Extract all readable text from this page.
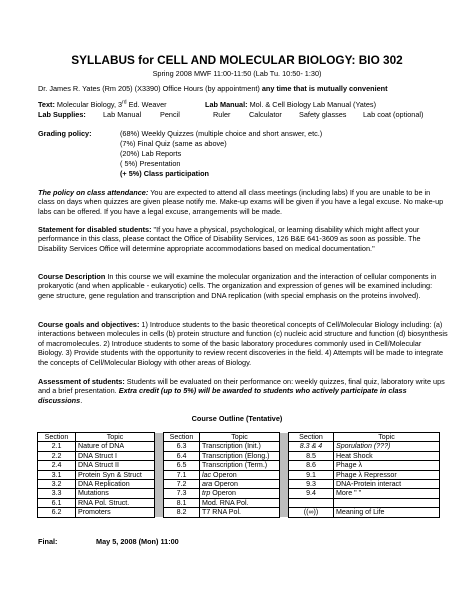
SYLLABUS for CELL AND MOLECULAR BIOLOGY: BIO 302
Spring 2008 MWF 11:00-11:50 (Lab Tu. 10:50- 1:30)
Dr. James R. Yates (Rm 205) (X3390) Office Hours (by appointment) any time that is mutually convenient
Text: Molecular Biology, 3rd Ed. Weaver	Lab Manual: Mol. & Cell Biology Lab Manual (Yates)
Lab Supplies: Lab Manual	Pencil	Ruler	Calculator Safety glasses Lab coat (optional)
Grading policy:	(68%) Weekly Quizzes (multiple choice and short answer, etc.)
(7%) Final Quiz (same as above)
(20%) Lab Reports
( 5%) Presentation
(+ 5%) Class participation
The policy on class attendance: You are expected to attend all class meetings (including labs) If you are unable to be in class on days when quizzes are given please notify me. Make-up exams will be given if you have a legal excuse. No make-up labs can be offered. If you have a legal excuse, arrangements will be made.
Statement for disabled students: "If you have a physical, psychological, or learning disability which might affect your performance in this class, please contact the Office of Disability Services, 126 B&E 641-3609 as soon as possible. The Disability Services Office will determine appropriate accommodations based on medical documentation."
Course Description In this course we will examine the molecular organization and the interaction of cellular components in prokaryotic (and when applicable - eukaryotic) cells. The organization and expression of genes will be examined including: gene structure, gene regulation and transcription and DNA replication (with special emphasis on the proteins involved).
Course goals and objectives: 1) Introduce students to the basic theoretical concepts of Cell/Molecular Biology including: (a) interactions between molecules in cells (b) protein structure and function (c) nucleic acid structure and function (d) biosynthesis of macromolecules. 2) Introduce students to some of the basic laboratory procedures commonly used in Cell/Molecular Biology. 3) Provide students with the opportunity to review recent discoveries in the field. 4) Attempts will be made to integrate the concepts of Cell/Molecular Biology with other areas of Biology.
Assessment of students: Students will be evaluated on their performance on: weekly quizzes, final quiz, laboratory write ups and a brief presentation. Extra credit (up to 5%) will be awarded to students who actively participate in class discussions.
Course Outline (Tentative)
Section	Topic		Section	Topic		Section	Topic
2.1	Nature of DNA		6.3	Transcription (Init.)		8.3 & 4	Sporulation (???)
2.2	DNA Struct I		6.4	Transcription (Elong.)		8.5	Heat Shock
2.4	DNA Struct II		6.5	Transcription (Term.)		8.6	Phage λ
3.1	Protein Syn & Struct		7.1	lac Operon		9.1	Phage λ Repressor
3.2	DNA Replication		7.2	ara Operon		9.3	DNA-Protein interact
3.3	Mutations		7.3	trp Operon		9.4	More " "
6.1	RNA Pol. Struct.		8.1	Mod. RNA Pol.			
6.2	Promoters		8.2	T7 RNA Pol.		((∞))	Meaning of Life
Final:	May 5, 2008 (Mon) 11:00
